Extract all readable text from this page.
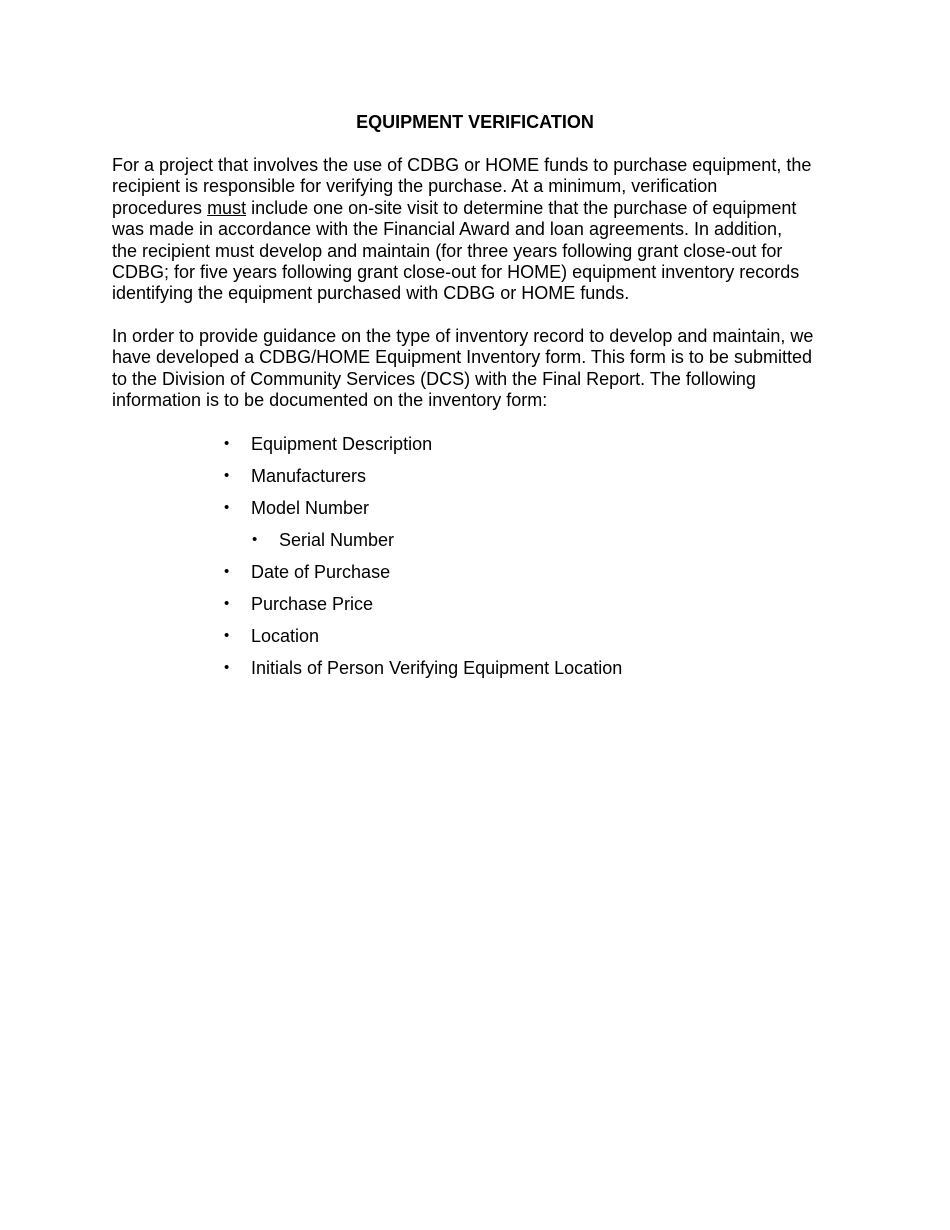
EQUIPMENT VERIFICATION

For a project that involves the use of CDBG or HOME funds to purchase equipment, the
recipient is responsible for verifying the purchase. At a minimum, verification
procedures must include one on-site visit to determine that the purchase of equipment
was made in accordance with the Financial Award and loan agreements. In addition,
the recipient must develop and maintain (for three years following grant close-out for
CDBG; for five years following grant close-out for HOME) equipment inventory records
identifying the equipment purchased with CDBG or HOME funds.

In order to provide guidance on the type of inventory record to develop and maintain, we
have developed a CDBG/HOME Equipment Inventory form. This form is to be submitted
to the Division of Community Services (DCS) with the Final Report. The following
information is to be documented on the inventory form:

• Equipment Description
• Manufacturers
• Model Number
• Serial Number
• Date of Purchase
• Purchase Price
• Location
• Initials of Person Verifying Equipment Location
